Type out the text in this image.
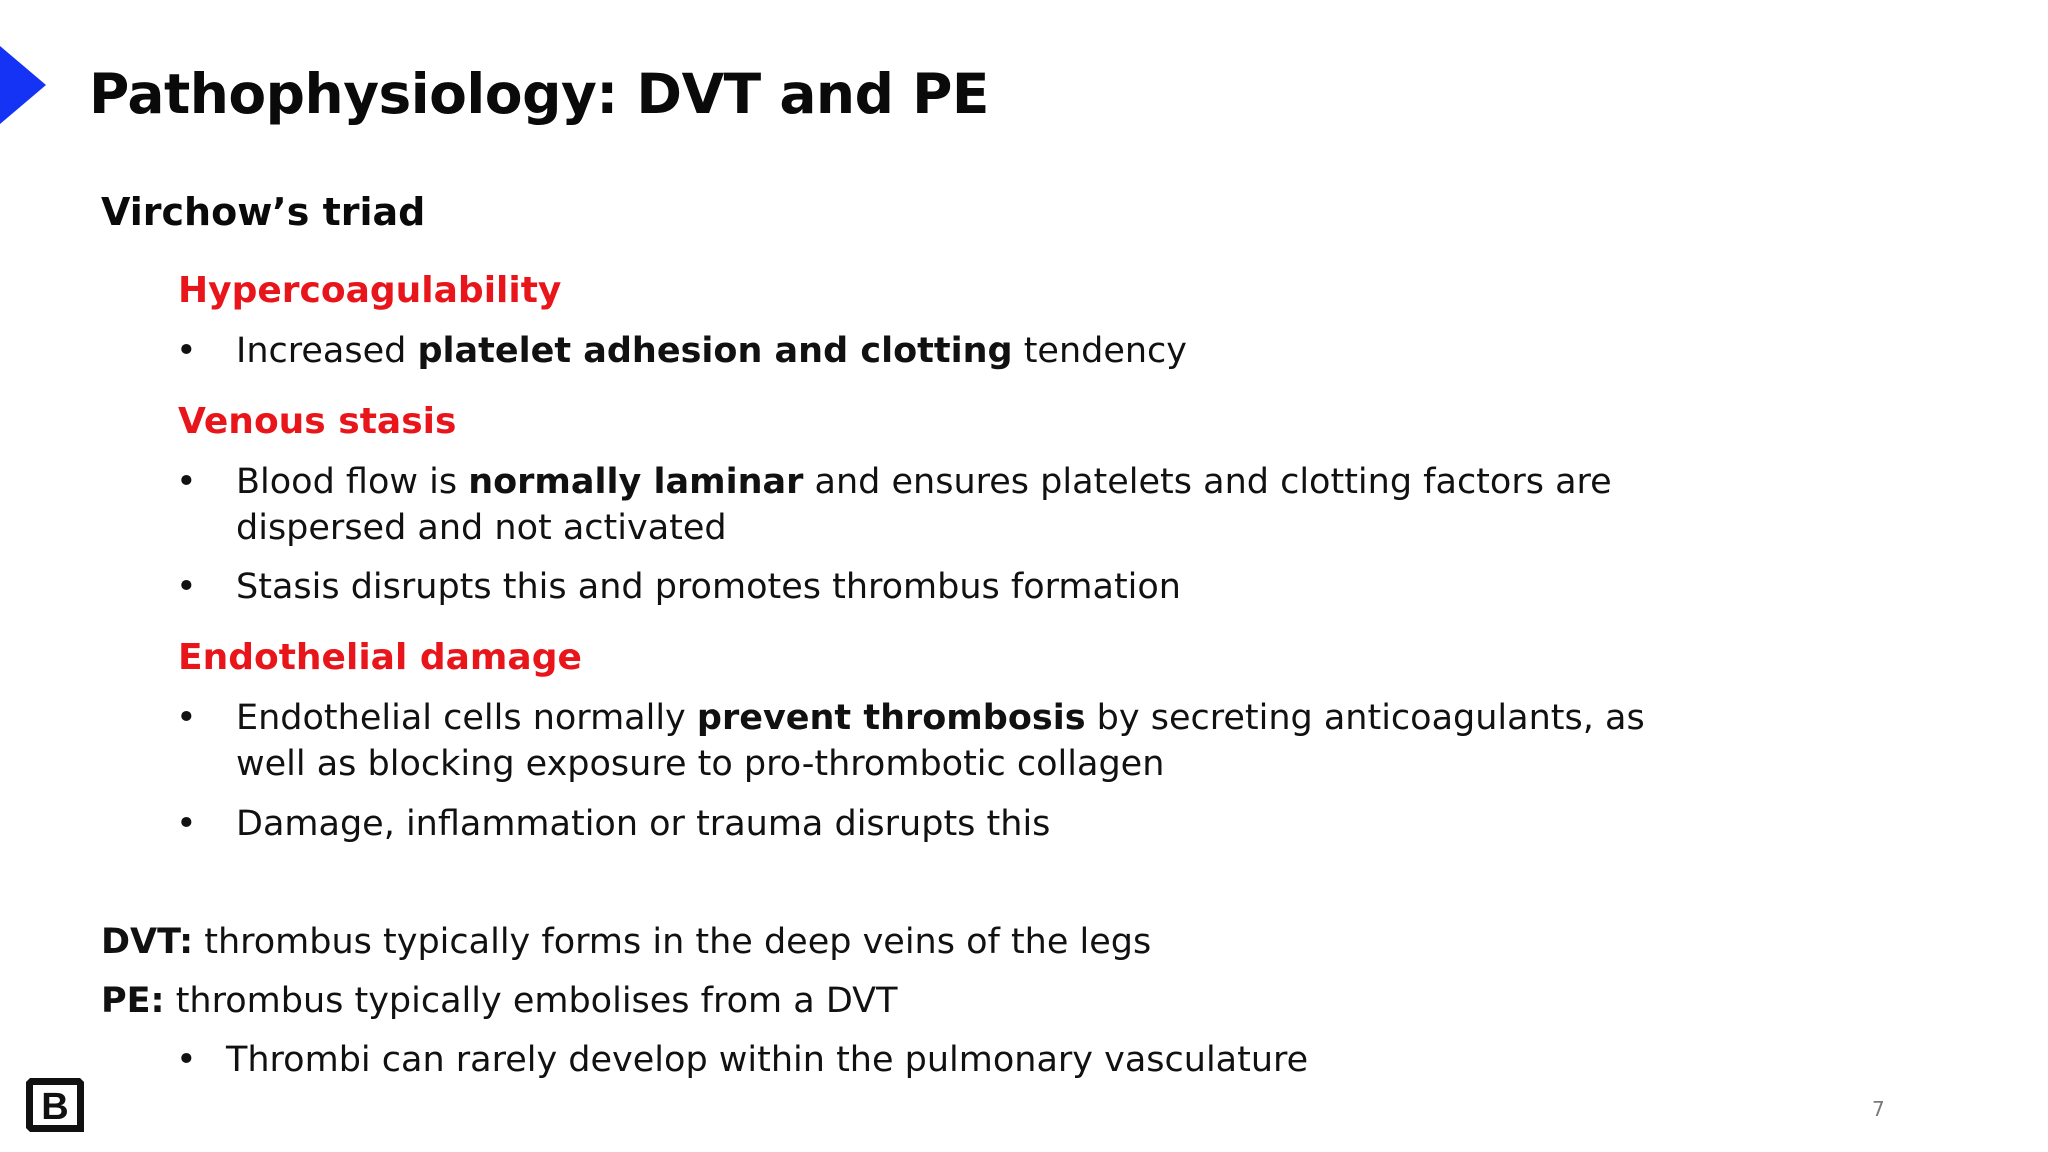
Pathophysiology: DVT and PE
Virchow’s triad
Hypercoagulability
• Increased platelet adhesion and clotting tendency
Venous stasis
• Blood flow is normally laminar and ensures platelets and clotting factors are dispersed and not activated
• Stasis disrupts this and promotes thrombus formation
Endothelial damage
• Endothelial cells normally prevent thrombosis by secreting anticoagulants, as well as blocking exposure to pro-thrombotic collagen
• Damage, inflammation or trauma disrupts this
DVT: thrombus typically forms in the deep veins of the legs
PE: thrombus typically embolises from a DVT
• Thrombi can rarely develop within the pulmonary vasculature
B	7
